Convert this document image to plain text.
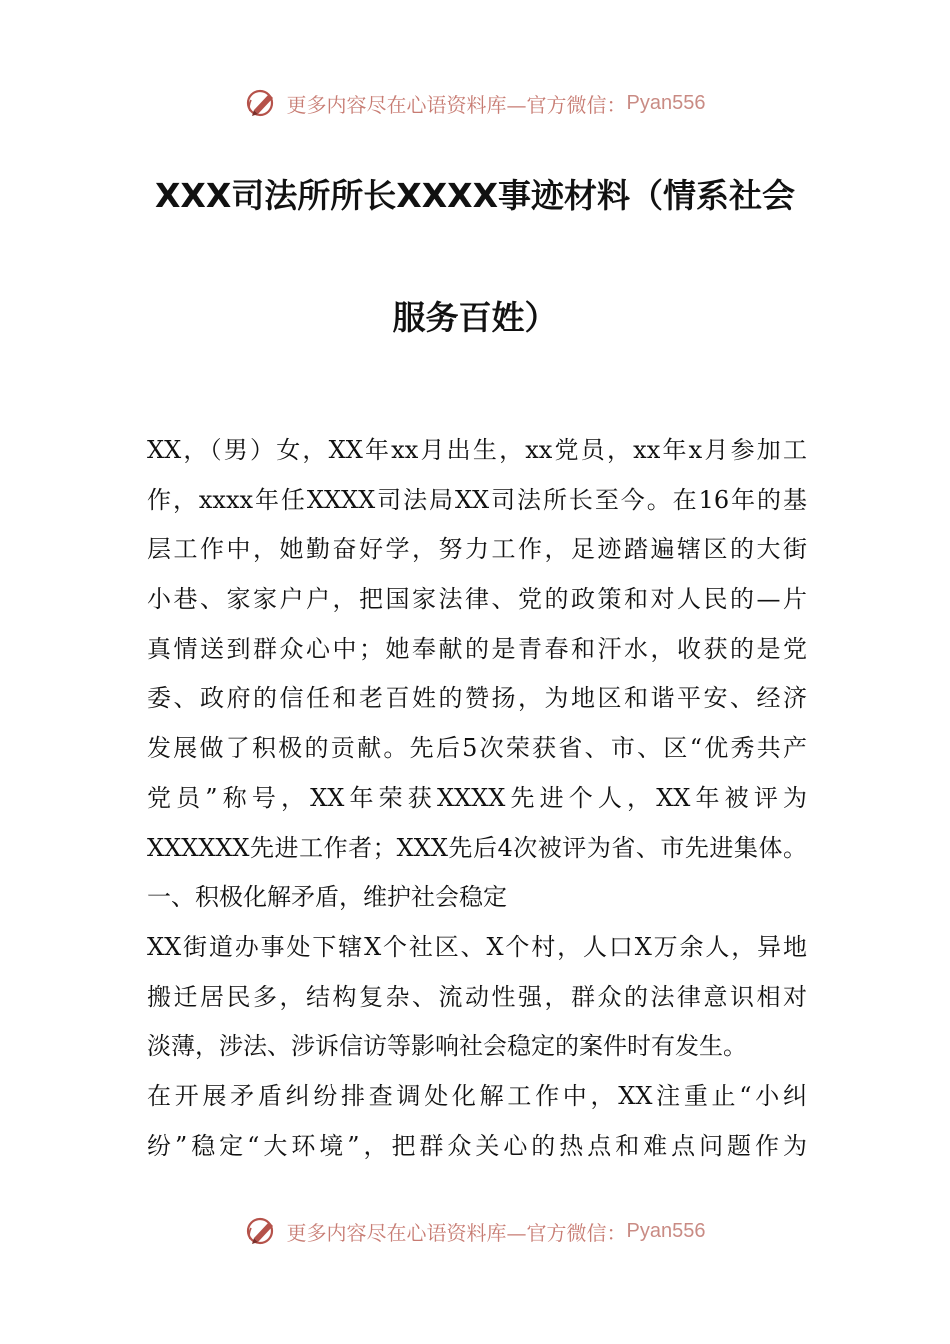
更多内容尽在心语资料库—官方微信： Pyan556
XXX司法所所长XXXX事迹材料（情系社会
服务百姓）
XX，（男）女，XX年xx月出生，xx党员，xx年x月参加工
作，xxxx年任XXXX司法局XX司法所长至今。在16年的基
层工作中，她勤奋好学，努力工作，足迹踏遍辖区的大街
小巷、家家户户，把国家法律、党的政策和对人民的—片
真情送到群众心中；她奉献的是青春和汗水，收获的是党
委、政府的信任和老百姓的赞扬，为地区和谐平安、经济
发展做了积极的贡献。先后5次荣获省、市、区“优秀共产
党员”称号，XX年荣获XXXX先进个人，XX年被评为
XXXXXX先进工作者；XXX先后4次被评为省、市先进集体。
一、积极化解矛盾，维护社会稳定
XX街道办事处下辖X个社区、X个村，人口X万余人，异地
搬迁居民多，结构复杂、流动性强，群众的法律意识相对
淡薄，涉法、涉诉信访等影响社会稳定的案件时有发生。
在开展矛盾纠纷排查调处化解工作中，XX注重止“小纠
纷”稳定“大环境”，把群众关心的热点和难点问题作为
更多内容尽在心语资料库—官方微信： Pyan556
